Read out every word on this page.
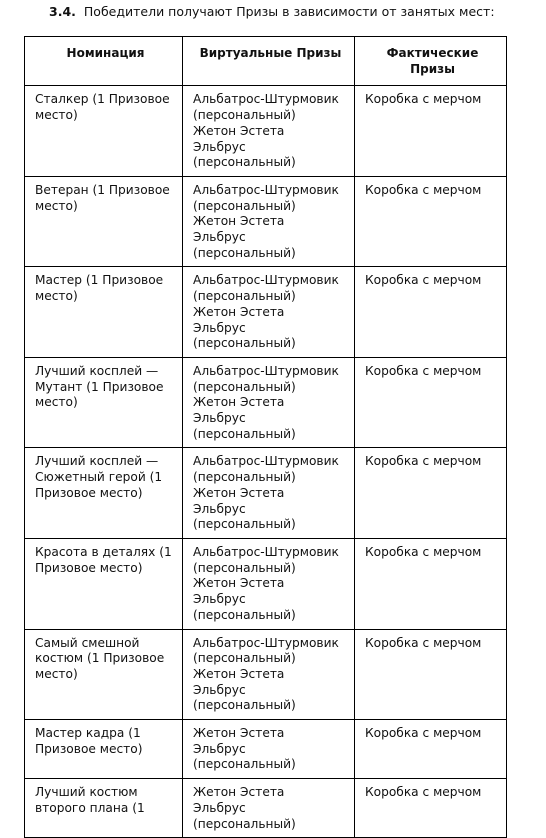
3.4. Победители получают Призы в зависимости от занятых мест:
Номинация	Виртуальные Призы	Фактические Призы
Сталкер (1 Призовое место)	Альбатрос-Штурмовик (персональный)
Жетон Эстета
Эльбрус (персональный)	Коробка с мерчом
Ветеран (1 Призовое место)	Альбатрос-Штурмовик (персональный)
Жетон Эстета
Эльбрус (персональный)	Коробка с мерчом
Мастер (1 Призовое место)	Альбатрос-Штурмовик (персональный)
Жетон Эстета
Эльбрус (персональный)	Коробка с мерчом
Лучший косплей — Мутант (1 Призовое место)	Альбатрос-Штурмовик (персональный)
Жетон Эстета
Эльбрус (персональный)	Коробка с мерчом
Лучший косплей — Сюжетный герой (1 Призовое место)	Альбатрос-Штурмовик (персональный)
Жетон Эстета
Эльбрус (персональный)	Коробка с мерчом
Красота в деталях (1 Призовое место)	Альбатрос-Штурмовик (персональный)
Жетон Эстета
Эльбрус (персональный)	Коробка с мерчом
Самый смешной костюм (1 Призовое место)	Альбатрос-Штурмовик (персональный)
Жетон Эстета
Эльбрус (персональный)	Коробка с мерчом
Мастер кадра (1 Призовое место)	Жетон Эстета
Эльбрус (персональный)	Коробка с мерчом
Лучший костюм второго плана (1	Жетон Эстета
Эльбрус (персональный)	Коробка с мерчом
